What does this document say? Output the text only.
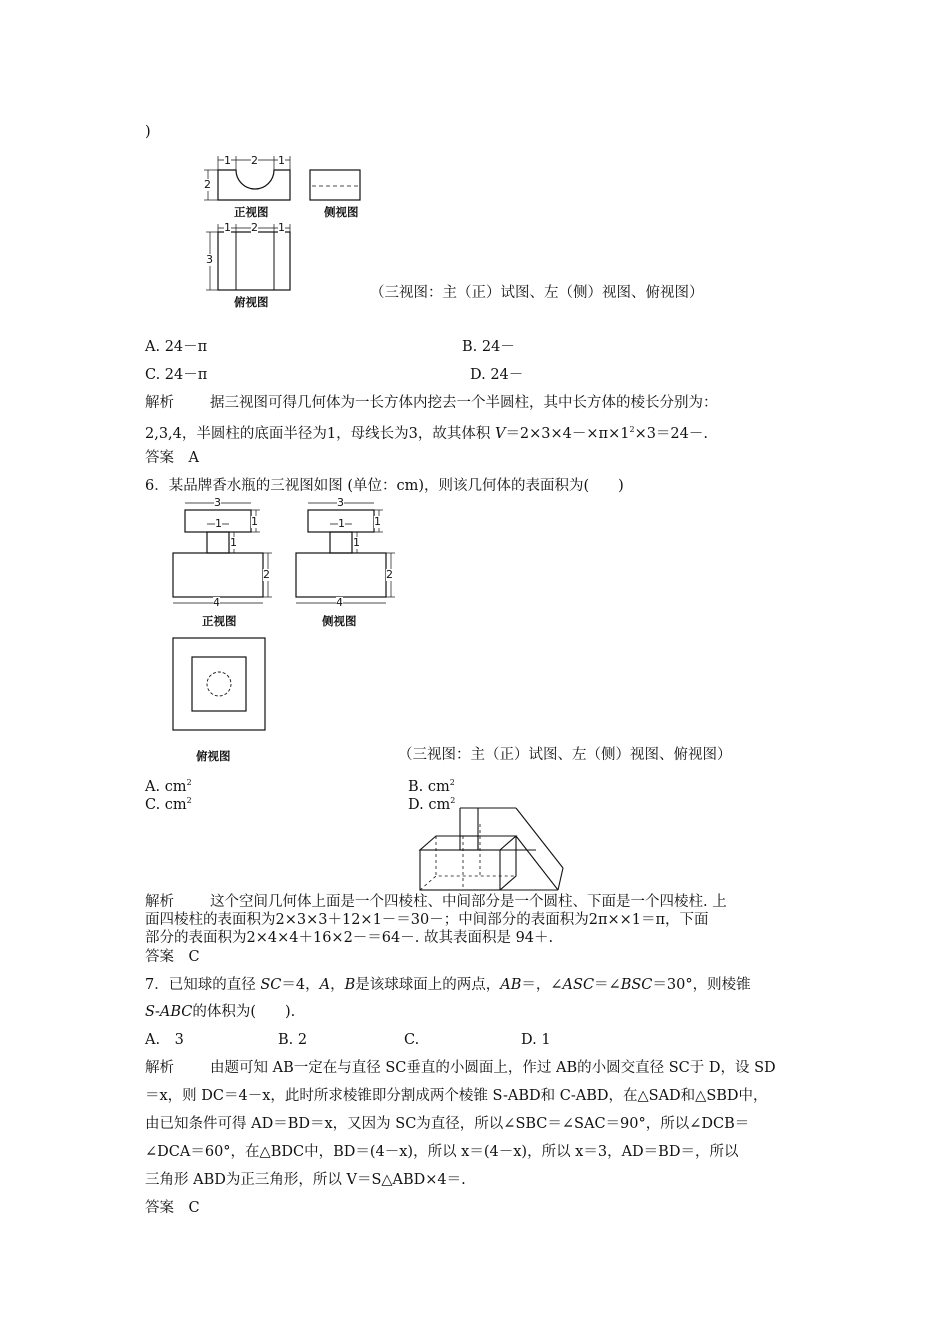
)
1 2 1
2
正视图	侧视图
1 2 1
3
俯视图
（三视图：主（正）试图、左（侧）视图、俯视图）
A. 24－π	B. 24－
C. 24－π	D. 24－
解析 据三视图可得几何体为一长方体内挖去一个半圆柱，其中长方体的棱长分别为：
2,3,4，半圆柱的底面半径为1，母线长为3，故其体积 $V=2\times 3\times 4-\times\pi\times 1^2\times 3=24-$.
答案　 A
6．某品牌香水瓶的三视图如图 (单位：cm)，则该几何体的表面积为(　　)
3
1	1
1
2
4
正视图
3
1	1
1
2
4
侧视图
俯视图	（三视图：主（正）试图、左（侧）视图、俯视图）
A. $cm^2$	B. $cm^2$
C. $cm^2$	D. $cm^2$
解析 这个空间几何体上面是一个四棱柱、中间部分是一个圆柱、下面是一个四棱柱. 上
面四棱柱的表面积为2×3×3＋12×1－＝30－；中间部分的表面积为2π××1＝π，下面
部分的表面积为2×4×4＋16×2－＝64－. 故其表面积是 94＋.
答案　 C
7．已知球的直径 SC＝4，A，B是该球球面上的两点，AB＝，∠ASC＝∠BSC＝30°，则棱锥
S-ABC的体积为(　　).
A.　3	B. 2	C.	D. 1
解析 由题可知 AB一定在与直径 SC垂直的小圆面上，作过 AB的小圆交直径 SC于 D，设 SD
＝x，则 DC＝4－x，此时所求棱锥即分割成两个棱锥 S-ABD和 C-ABD，在△SAD和△SBD中，
由已知条件可得 AD＝BD＝x，又因为 SC为直径，所以∠SBC＝∠SAC＝90°，所以∠DCB＝
∠DCA＝60°，在△BDC中，BD＝(4－x)，所以 x＝(4－x)，所以 x＝3，AD＝BD＝，所以
三角形 ABD为正三角形，所以 V＝S△ABD×4＝.
答案　 C
